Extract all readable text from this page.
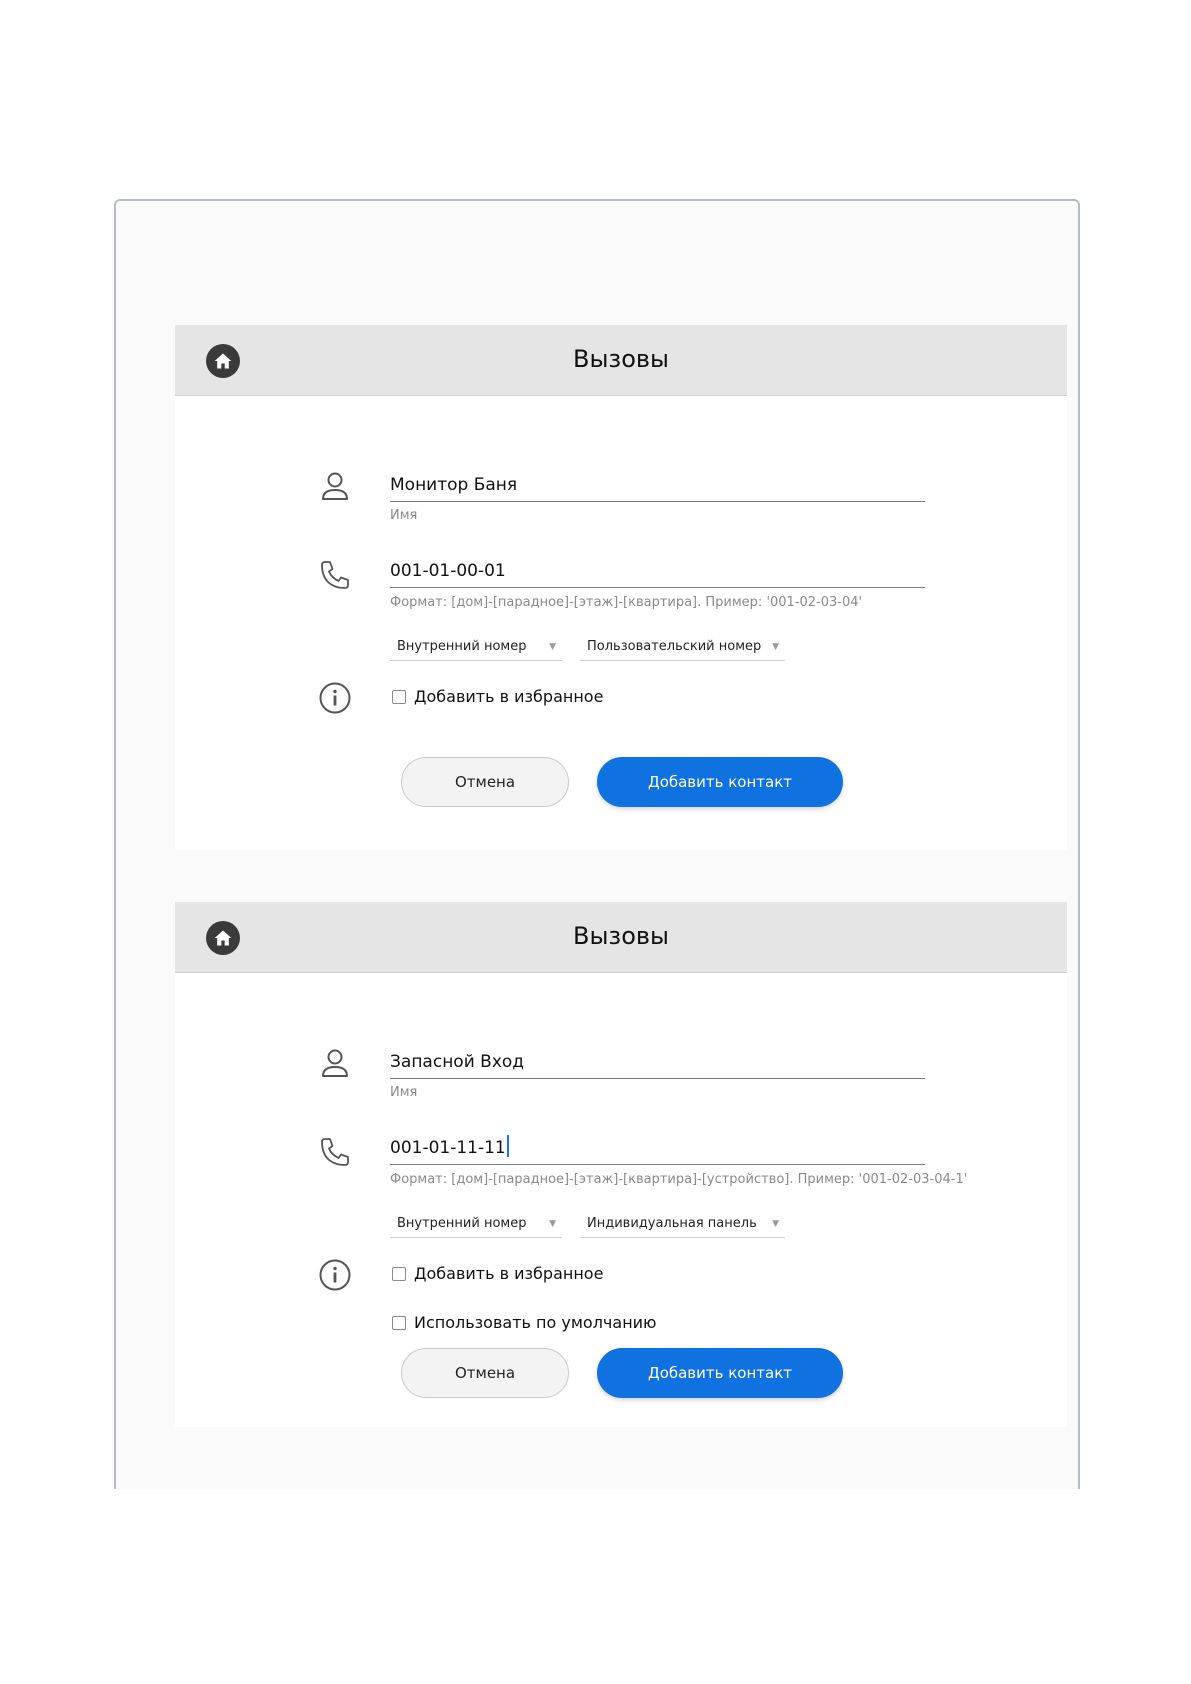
Вызовы
Монитор Баня
Имя
001-01-00-01
Формат: [дом]-[парадное]-[этаж]-[квартира]. Пример: '001-02-03-04'
Внутренний номер	▼ Пользовательский номер ▼
Добавить в избранное
Отмена	Добавить контакт
Вызовы
Запасной Вход
Имя
001-01-11-11
Формат: [дом]-[парадное]-[этаж]-[квартира]-[устройство]. Пример: '001-02-03-04-1'
Внутренний номер	▼ Индивидуальная панель ▼
Добавить в избранное
Использовать по умолчанию
Отмена	Добавить контакт
